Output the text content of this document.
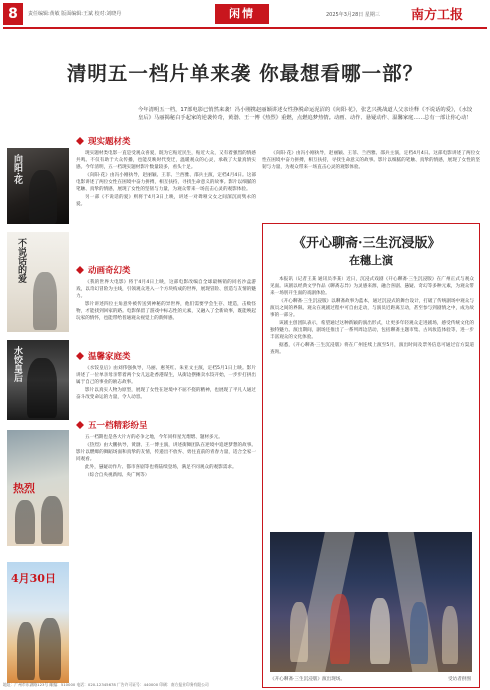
8	责任编辑:黄敏 版面编辑:王斌 校对:刘晓丹	闲情	2025年3月28日 星期三 南方工报
清明五一档片单来袭 你最想看哪一部？
今年清明五一档，17部电影已悄然来袭！冯小刚携赵丽颖讲述女性挣脱命运泥沼的《向阳·花》，张艺兴挑战道人父亲诠释《不说话的爱》，《水饺皇后》马丽揭秘白手起家的逆袭传奇，黄渤、王一博《热烈》重燃，点燃追梦热情。动画、动作、悬疑动作、温馨家庭……总有一部让你心动！
向阳·花
不说话的爱
水饺皇后
热烈
4月30日
现实题材类

现实题材类电影一直是受观众喜爱，既为它贴近民生，贴近大众，又有着强烈的情感共鸣。不仅有助于大众传播，也能反映时代变迁，温暖观众的心灵，承载了大量真情实感。今年清明，五一档现实题材影片数量较多，看头十足。

《向阳·花》由冯小刚执导，赵丽颖、王菲、兰西雅、邵兵主演，定档4月4日。这部电影讲述了两位女性在困境中奋力拼搏，相互扶持，寻找生命意义的故事。影片以细腻的笔触、真挚的情感，展现了女性的坚韧与力量，为观众带来一场直击心灵的观影体验。

另一部《不说话的爱》则将于4月3日上映，讲述一对聋哑父女之间深沉而隽永的爱。

《向阳·花》由冯小刚执导，赵丽颖、王菲、兰西雅、邵兵主演，定档4月4日。这部电影讲述了两位女性在困境中奋力拼搏，相互扶持，寻找生命意义的故事。影片以细腻的笔触、真挚的情感，展现了女性的坚韧与力量，为观众带来一场直击心灵的观影体验。

动画奇幻类

《我的世界大电影》将于4月4日上映，这部电影改编自全球最畅销的同名沙盒游戏，以奇幻冒险为主线，引领观众进入一个方块构成的世界，展现冒险、创造与友情的魅力。

影片讲述四位主角意外被传送到神秘的异世界，他们需要学会生存、建造，击败怪物，才能找到回家的路。电影保留了游戏中标志性的元素，又融入了全新故事，既能唤起玩家的情怀，也能带给普通观众视觉上的新鲜感。

温馨家庭类

《水饺皇后》由刘伟强执导，马丽、惠英红、朱亚文主演，定档5月1日上映。影片讲述了一位单亲母亲带着两个女儿远赴香港谋生，从街边摆摊卖水饺开始，一步步打拼出属于自己的事业的励志故事。

影片以真实人物为原型，展现了女性在逆境中不屈不挠的精神，也展现了平凡人通过奋斗改变命运的力量，令人动容。

五一档精彩纷呈

五一档期也是各大片方的必争之地，今年同样星光熠熠、题材多元。

《热烈》由大鹏执导，黄渤、王一博主演，讲述街舞团队在逆境中追逐梦想的故事。影片以燃爆的舞蹈场面和真挚的友情，传递出不放弃、勇往直前的青春力量，适合全家一同观看。

此外，悬疑动作片、都市喜剧等也将陆续登场，满足不同观众的观影需求。

（综合自央视新闻、央广网等）

《开心聊斋·三生沉浸版》
在穗上演

本报讯（记者王某 通讯员李某）近日，沉浸式戏剧《开心聊斋·三生沉浸版》在广州正式与观众见面。该剧以经典文学作品《聊斋志异》为灵感来源，融合喜剧、悬疑、奇幻等多种元素，为观众带来一场别开生面的戏剧体验。

《开心聊斋·三生沉浸版》以聊斋故事为蓝本，通过沉浸式的舞台设计，打破了传统剧场中观众与演员之间的界限。观众在观剧过程中可自由走动，与演员近距离互动，甚至参与到剧情之中，成为故事的一部分。

该剧主创团队表示，希望通过这种新颖的演出形式，让更多年轻观众走进剧场，感受传统文化的独特魅力。演出期间，剧场还推出了一系列周边活动，包括聊斋主题市集、古风妆造体验等，进一步丰富观众的文化体验。

据悉，《开心聊斋·三生沉浸版》将在广州连续上演至5月，演出时间及票务信息可通过官方渠道查询。

《开心聊斋·三生沉浸版》演出现场。	受访者供图
地址：广州市东湖路123号 邮编：510000 电话：020-12345678 广告许可证号：440000 印刷：南方报业印务有限公司
